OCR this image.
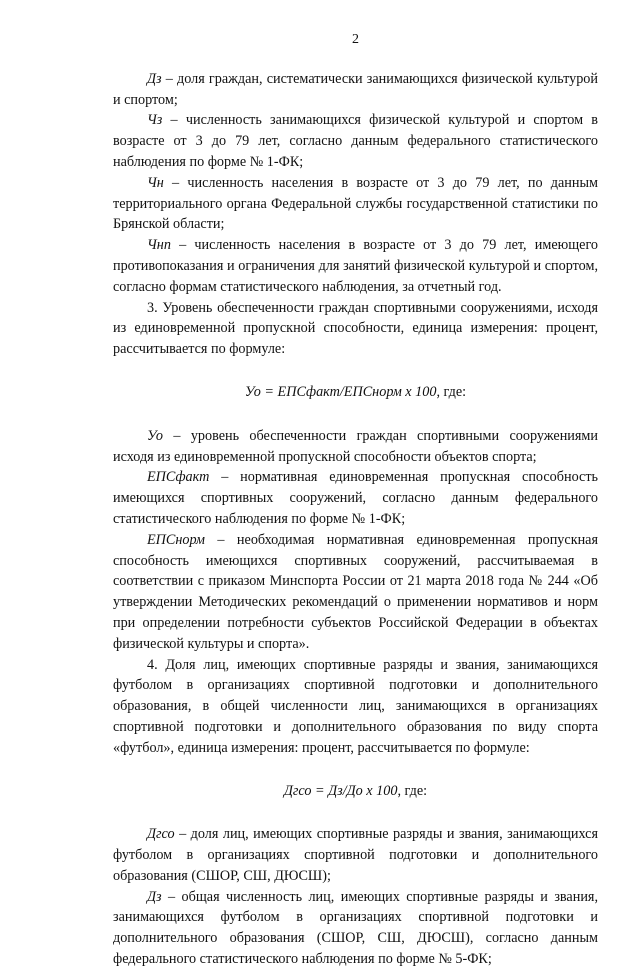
2

Дз – доля граждан, систематически занимающихся физической культурой и спортом;

Чз – численность занимающихся физической культурой и спортом в возрасте от 3 до 79 лет, согласно данным федерального статистического наблюдения по форме № 1-ФК;

Чн – численность населения в возрасте от 3 до 79 лет, по данным территориального органа Федеральной службы государственной статистики по Брянской области;

Чнп – численность населения в возрасте от 3 до 79 лет, имеющего противопоказания и ограничения для занятий физической культурой и спортом, согласно формам статистического наблюдения, за отчетный год.

3. Уровень обеспеченности граждан спортивными сооружениями, исходя из единовременной пропускной способности, единица измерения: процент, рассчитывается по формуле:

Уо = ЕПСфакт/ЕПСнорм х 100, где:

Уо – уровень обеспеченности граждан спортивными сооружениями исходя из единовременной пропускной способности объектов спорта;

ЕПСфакт – нормативная единовременная пропускная способность имеющихся спортивных сооружений, согласно данным федерального статистического наблюдения по форме № 1-ФК;

ЕПСнорм – необходимая нормативная единовременная пропускная способность имеющихся спортивных сооружений, рассчитываемая в соответствии с приказом Минспорта России от 21 марта 2018 года № 244 «Об утверждении Методических рекомендаций о применении нормативов и норм при определении потребности субъектов Российской Федерации в объектах физической культуры и спорта».

4. Доля лиц, имеющих спортивные разряды и звания, занимающихся футболом в организациях спортивной подготовки и дополнительного образования, в общей численности лиц, занимающихся в организациях спортивной подготовки и дополнительного образования по виду спорта «футбол», единица измерения: процент, рассчитывается по формуле:

Дгсо = Дз/До х 100, где:

Дгсо – доля лиц, имеющих спортивные разряды и звания, занимающихся футболом в организациях спортивной подготовки и дополнительного образования (СШОР, СШ, ДЮСШ);

Дз – общая численность лиц, имеющих спортивные разряды и звания, занимающихся футболом в организациях спортивной подготовки и дополнительного образования (СШОР, СШ, ДЮСШ), согласно данным федерального статистического наблюдения по форме № 5-ФК;
